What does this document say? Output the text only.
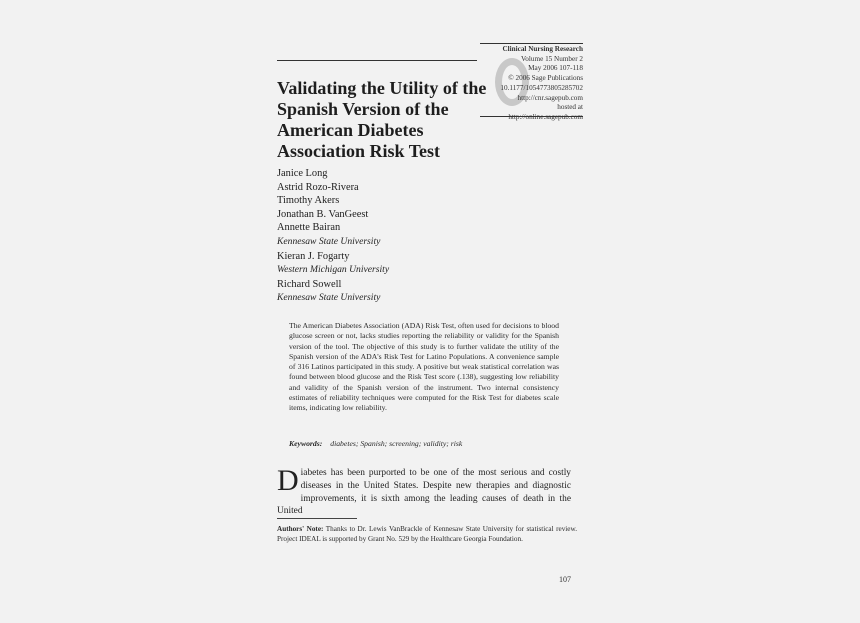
Clinical Nursing Research
Volume 15 Number 2
May 2006 107-118
© 2006 Sage Publications
10.1177/1054773805285702
http://cnr.sagepub.com
hosted at
http://online.sagepub.com
Validating the Utility of the Spanish Version of the American Diabetes Association Risk Test
Janice Long
Astrid Rozo-Rivera
Timothy Akers
Jonathan B. VanGeest
Annette Bairan
Kennesaw State University
Kieran J. Fogarty
Western Michigan University
Richard Sowell
Kennesaw State University

The American Diabetes Association (ADA) Risk Test, often used for decisions to blood glucose screen or not, lacks studies reporting the reliability or validity for the Spanish version of the tool. The objective of this study is to further validate the utility of the Spanish version of the ADA's Risk Test for Latino Populations. A convenience sample of 316 Latinos participated in this study. A positive but weak statistical correlation was found between blood glucose and the Risk Test score (.138), suggesting low reliability and validity of the Spanish version of the instrument. Two internal consistency estimates of reliability techniques were computed for the Risk Test for diabetes scale items, indicating low reliability.

Keywords: diabetes; Spanish; screening; validity; risk

Diabetes has been purported to be one of the most serious and costly diseases in the United States. Despite new therapies and diagnostic improvements, it is sixth among the leading causes of death in the United

Authors' Note: Thanks to Dr. Lewis VanBrackle of Kennesaw State University for statistical review. Project IDEAL is supported by Grant No. 529 by the Healthcare Georgia Foundation.
107
